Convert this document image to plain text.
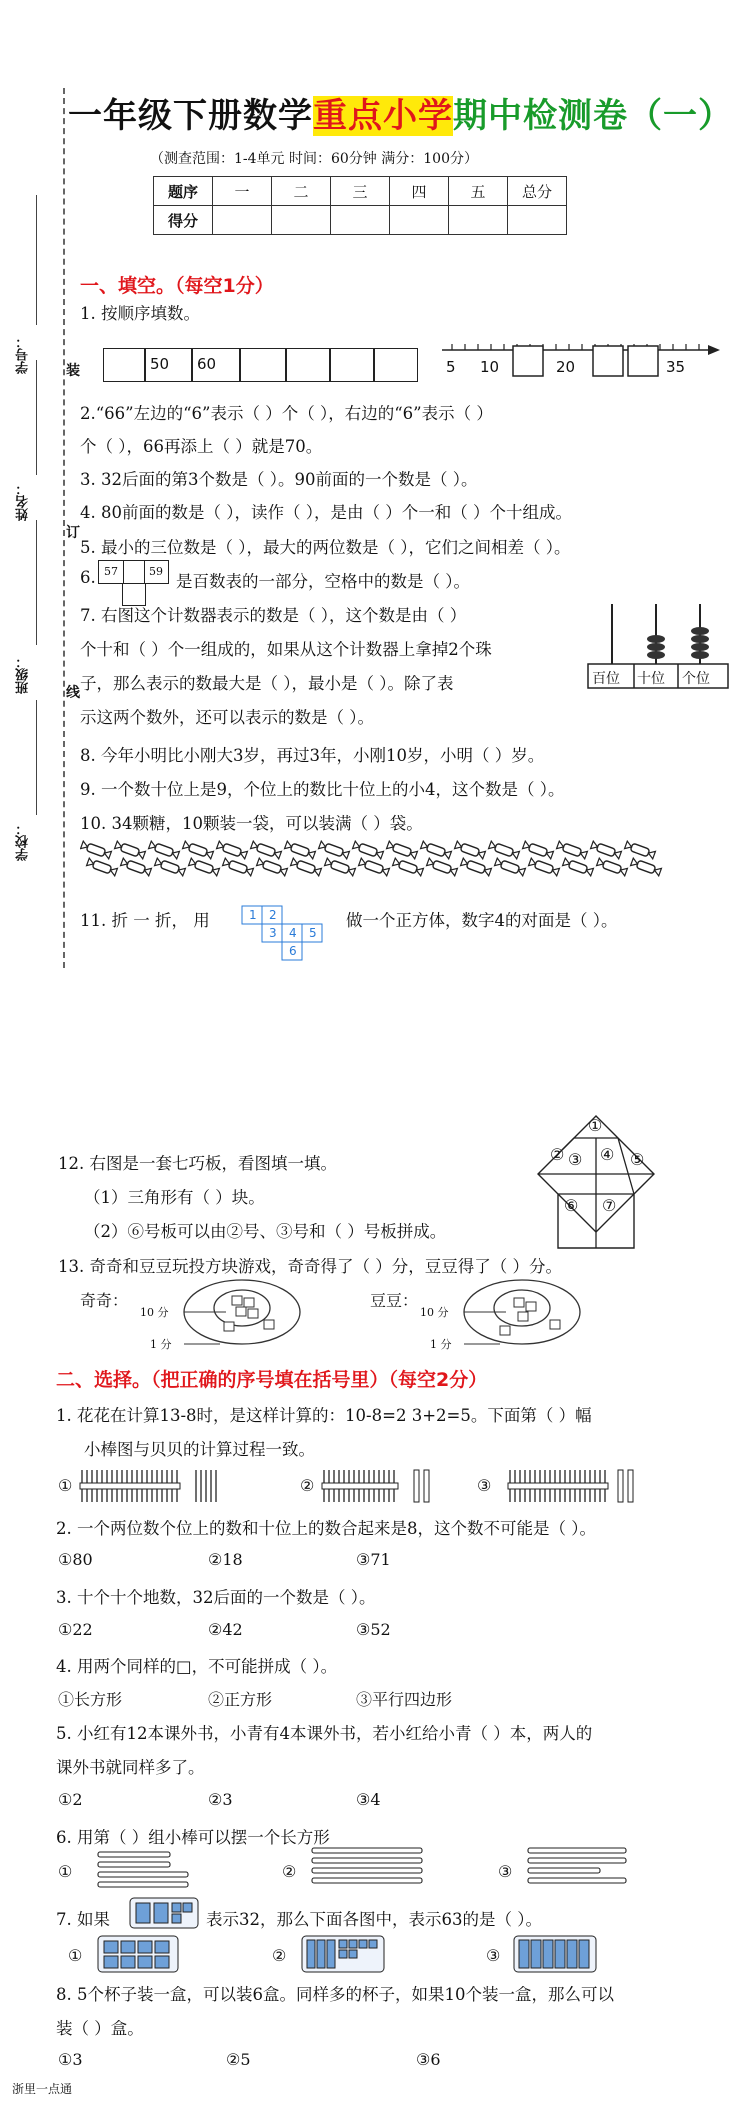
一年级下册数学重点小学期中检测卷（一）
（测查范围：1-4单元 时间：60分钟 满分：100分）
题序	一	二	三	四	五	总分
得分						
学号：
姓名：
班级：
学校：
装
订
线
一、填空。（每空1分）
1. 按顺序填数。
50	60	5 10	20	35
2.“66”左边的“6”表示（ ）个（ ），右边的“6”表示（ ）
个（ ），66再添上（ ）就是70。
3. 32后面的第3个数是（ ）。90前面的一个数是（ ）。
4. 80前面的数是（ ），读作（ ），是由（ ）个一和（ ）个十组成。
5. 最小的三位数是（ ），最大的两位数是（ ），它们之间相差（ ）。
6. 57	59
是百数表的一部分，空格中的数是（ ）。
7. 右图这个计数器表示的数是（ ），这个数是由（ ）
个十和（ ）个一组成的，如果从这个计数器上拿掉2个珠
子，那么表示的数最大是（ ），最小是（ ）。除了表
示这两个数外，还可以表示的数是（ ）。
百位 十位 个位
8. 今年小明比小刚大3岁，再过3年，小刚10岁，小明（ ）岁。
9. 一个数十位上是9，个位上的数比十位上的小4，这个数是（ ）。
10. 34颗糖，10颗装一袋，可以装满（ ）袋。
11. 折 一 折， 用	1 2
3 4 5
6
做一个正方体，数字4的对面是（ ）。
12. 右图是一套七巧板，看图填一填。
（1）三角形有（ ）块。
（2）⑥号板可以由②号、③号和（ ）号板拼成。
①
② ③ ④ ⑤
⑥ ⑦
13. 奇奇和豆豆玩投方块游戏，奇奇得了（ ）分，豆豆得了（ ）分。
奇奇：	豆豆：
10 分
1 分
10 分
1 分
二、选择。（把正确的序号填在括号里）（每空2分）
1. 花花在计算13-8时，是这样计算的：10-8=2 3+2=5。下面第（ ）幅
小棒图与贝贝的计算过程一致。
①	②	③
2. 一个两位数个位上的数和十位上的数合起来是8，这个数不可能是（ ）。
①80	②18	③71
3. 十个十个地数，32后面的一个数是（ ）。
①22	②42	③52
4. 用两个同样的□，不可能拼成（ ）。
①长方形	②正方形	③平行四边形
5. 小红有12本课外书，小青有4本课外书，若小红给小青（ ）本，两人的
课外书就同样多了。
①2	②3	③4
6. 用第（ ）组小棒可以摆一个长方形
①	②	③
7. 如果	表示32，那么下面各图中，表示63的是（ ）。
①	②	③
8. 5个杯子装一盒，可以装6盒。同样多的杯子，如果10个装一盒，那么可以
装（ ）盒。
①3	②5	③6
浙里一点通
